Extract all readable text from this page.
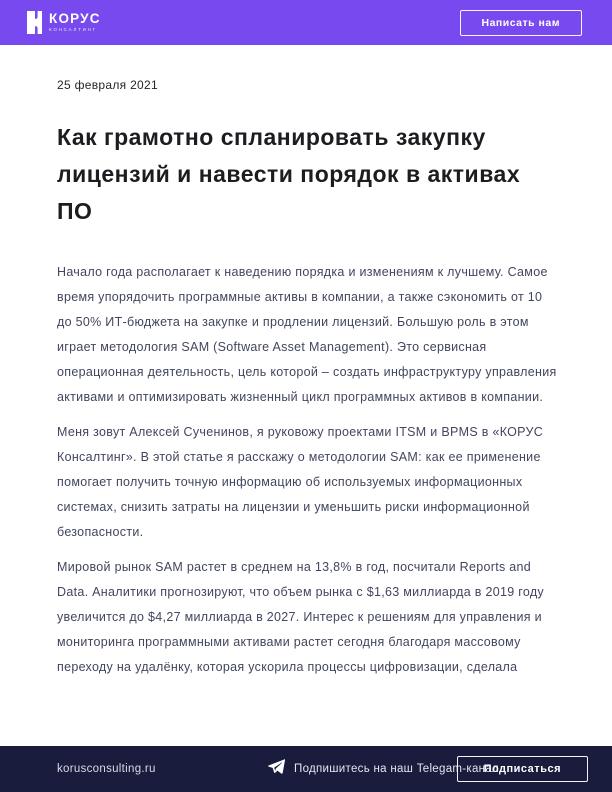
КОРУС
КОНСАЛТИНГ
Написать нам
25 февраля 2021
Как грамотно спланировать закупку лицензий и навести порядок в активах ПО

Начало года располагает к наведению порядка и изменениям к лучшему. Самое время упорядочить программные активы в компании, а также сэкономить от 10 до 50% ИТ-бюджета на закупке и продлении лицензий. Большую роль в этом играет методология SAM (Software Asset Management). Это сервисная операционная деятельность, цель которой – создать инфраструктуру управления активами и оптимизировать жизненный цикл программных активов в компании.

Меня зовут Алексей Сученинов, я руковожу проектами ITSM и BPMS в «КОРУС Консалтинг». В этой статье я расскажу о методологии SAM: как ее применение помогает получить точную информацию об используемых информационных системах, снизить затраты на лицензии и уменьшить риски информационной безопасности.

Мировой рынок SAM растет в среднем на 13,8% в год, посчитали Reports and Data. Аналитики прогнозируют, что объем рынка с $1,63 миллиарда в 2019 году увеличится до $4,27 миллиарда в 2027. Интерес к решениям для управления и мониторинга программными активами растет сегодня благодаря массовому переходу на удалёнку, которая ускорила процессы цифровизации, сделала

korusconsulting.ru	Подпишитесь на наш Telegam-канал
Подписаться
